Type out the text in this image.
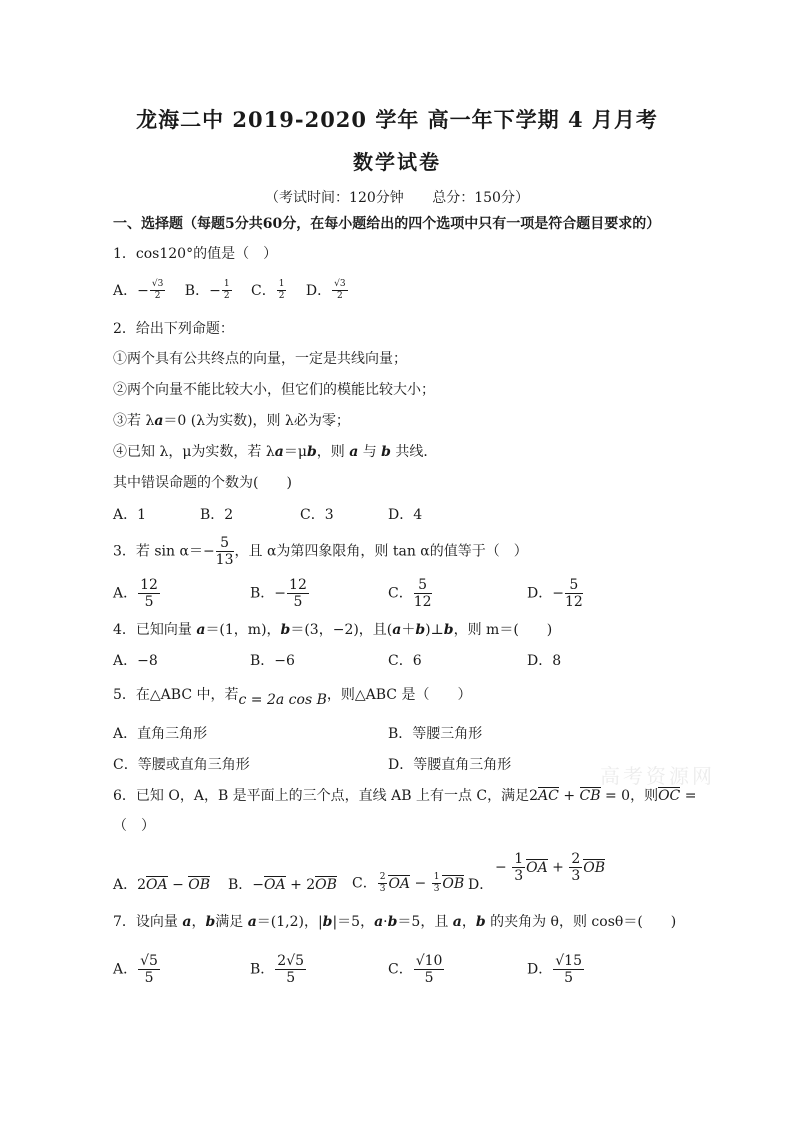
龙海二中 2019-2020 学年 高一年下学期 4 月月考
数学试卷
（考试时间：120分钟 总分：150分）
一、选择题（每题5分共60分，在每小题给出的四个选项中只有一项是符合题目要求的）
1．cos120°的值是（　）
A．− $\frac{√3}{2}$ B．− $\frac{1}{2}$ C． $\frac{1}{2}$ D． $\frac{√3}{2}$
2．给出下列命题：
①两个具有公共终点的向量，一定是共线向量；
②两个向量不能比较大小，但它们的模能比较大小；
③若 λa＝0 (λ为实数)，则 λ必为零；
④已知 λ，μ为实数，若 λa＝μb，则 a 与 b 共线．
其中错误命题的个数为(　　)
A．1	B．2	C．3	D．4
3．若 $\sin \alpha=- \frac{5}{13}$ ，且 α为第四象限角，则 tan α的值等于（　）
A． $\frac{12}{5}$	B．− $\frac{12}{5}$	C． $\frac{5}{12}$	D．− $\frac{5}{12}$
4．已知向量 a＝(1，m)，b＝(3，−2)，且(a＋b)⊥b，则 m＝(　　)
A．−8	B．−6	C．6	D．8
5．在△ABC 中，若c = 2a cos B，则△ABC 是（　　）
A．直角三角形	B．等腰三角形
C．等腰或直角三角形	D．等腰直角三角形
6．已知 O，A，B 是平面上的三个点，直线 AB 上有一点 C，满足2AC + CB = 0，则OC =
（　）
A．2OA − OB B．−OA + 2OB C． $\frac{2}{3}$ OA − $\frac{1}{3}$ OB D．
− $\frac{1}{3}$ OA + $\frac{2}{3}$ OB
7．设向量 a，b满足 a＝(1,2)，|b|＝5，a·b＝5，且 a，b 的夹角为 θ，则 cosθ＝(　　)
A． $\frac{√5}{5}$	B． $\frac{2√5}{5}$	C． $\frac{√10}{5}$	D． $\frac{√15}{5}$
高考资源网
